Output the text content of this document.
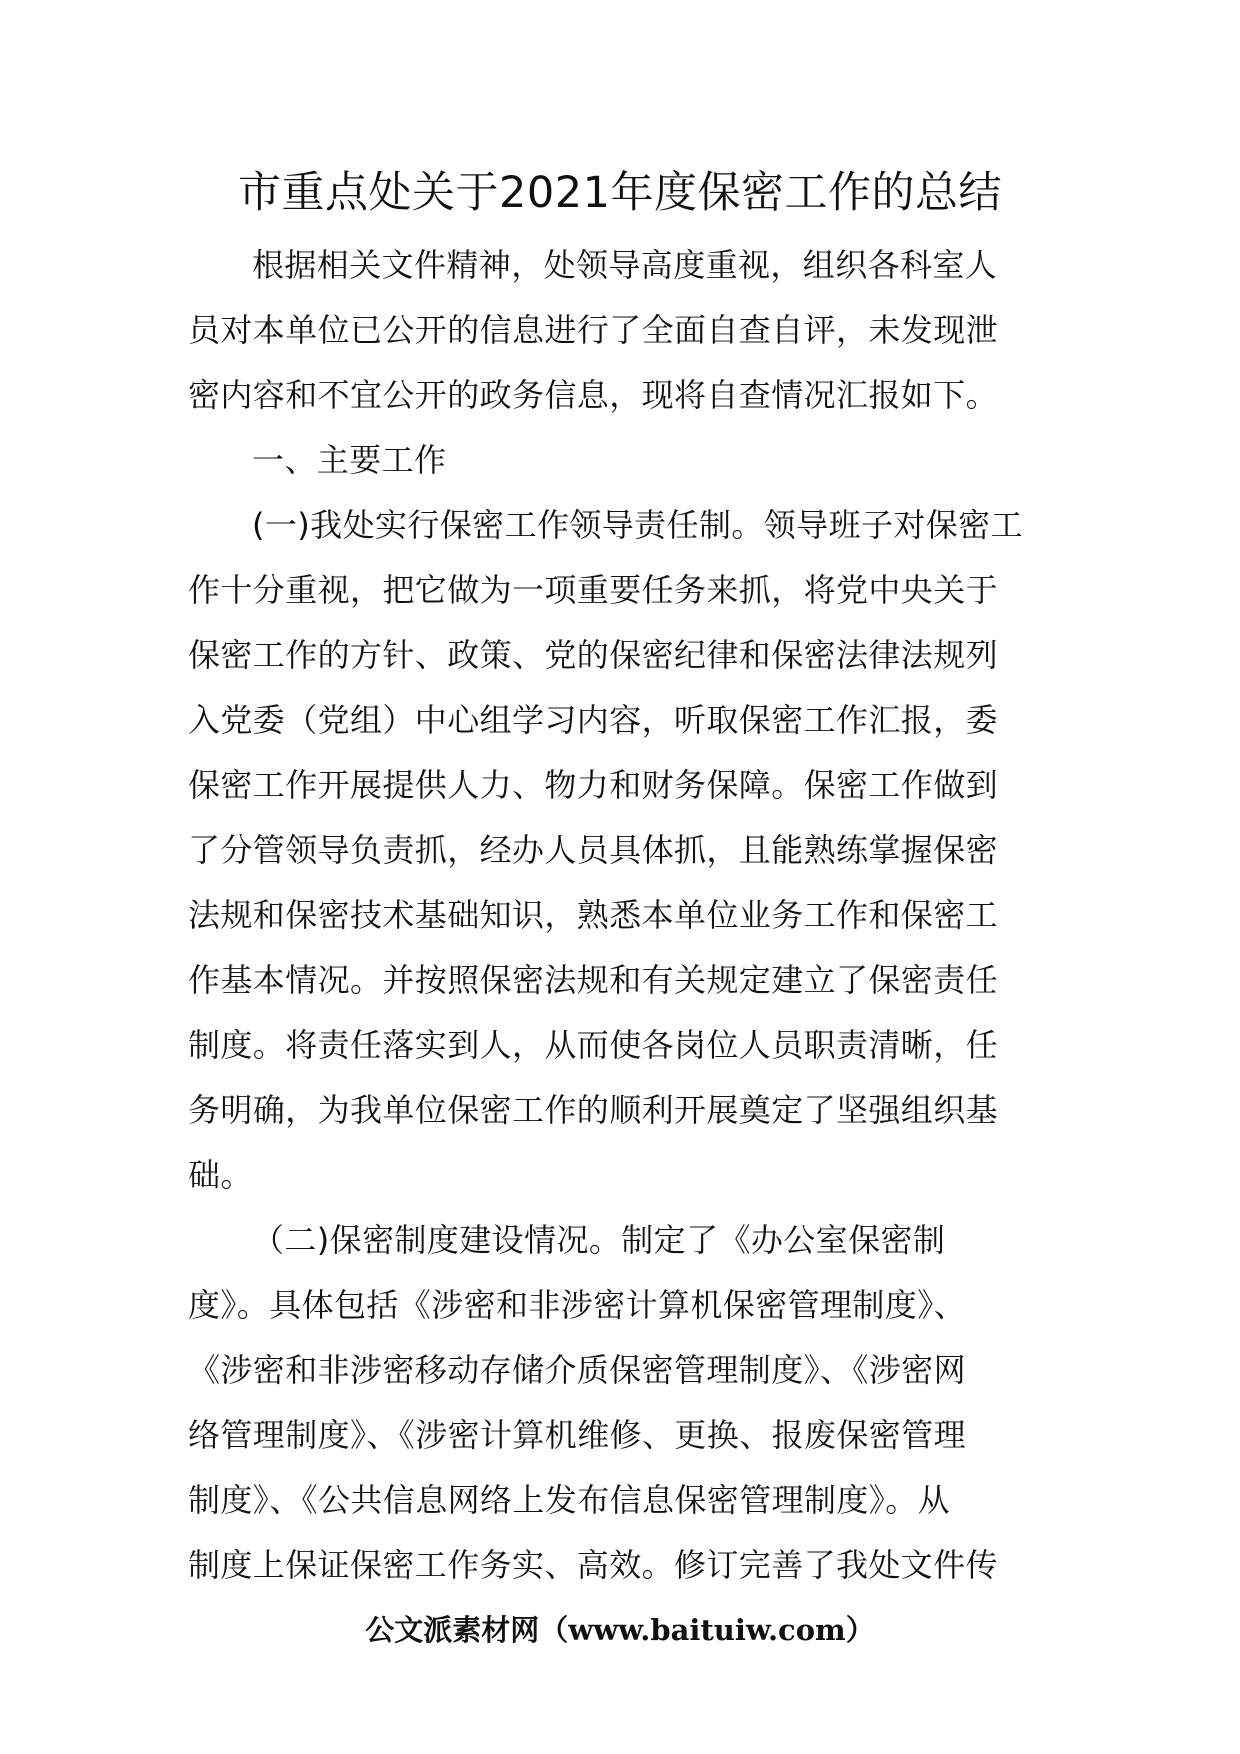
市重点处关于2021年度保密工作的总结
根据相关文件精神，处领导高度重视，组织各科室人
员对本单位已公开的信息进行了全面自查自评，未发现泄
密内容和不宜公开的政务信息，现将自查情况汇报如下。
一、主要工作
(一)我处实行保密工作领导责任制。领导班子对保密工
作十分重视，把它做为一项重要任务来抓，将党中央关于
保密工作的方针、政策、党的保密纪律和保密法律法规列
入党委（党组）中心组学习内容，听取保密工作汇报，委
保密工作开展提供人力、物力和财务保障。保密工作做到
了分管领导负责抓，经办人员具体抓，且能熟练掌握保密
法规和保密技术基础知识，熟悉本单位业务工作和保密工
作基本情况。并按照保密法规和有关规定建立了保密责任
制度。将责任落实到人，从而使各岗位人员职责清晰，任
务明确，为我单位保密工作的顺利开展奠定了坚强组织基
础。
（二)保密制度建设情况。制定了《办公室保密制
度》。具体包括《涉密和非涉密计算机保密管理制度》、
《涉密和非涉密移动存储介质保密管理制度》、《涉密网
络管理制度》、《涉密计算机维修、更换、报废保密管理
制度》、《公共信息网络上发布信息保密管理制度》。从
制度上保证保密工作务实、高效。修订完善了我处文件传
公文派素材网（www.baituiw.com）
